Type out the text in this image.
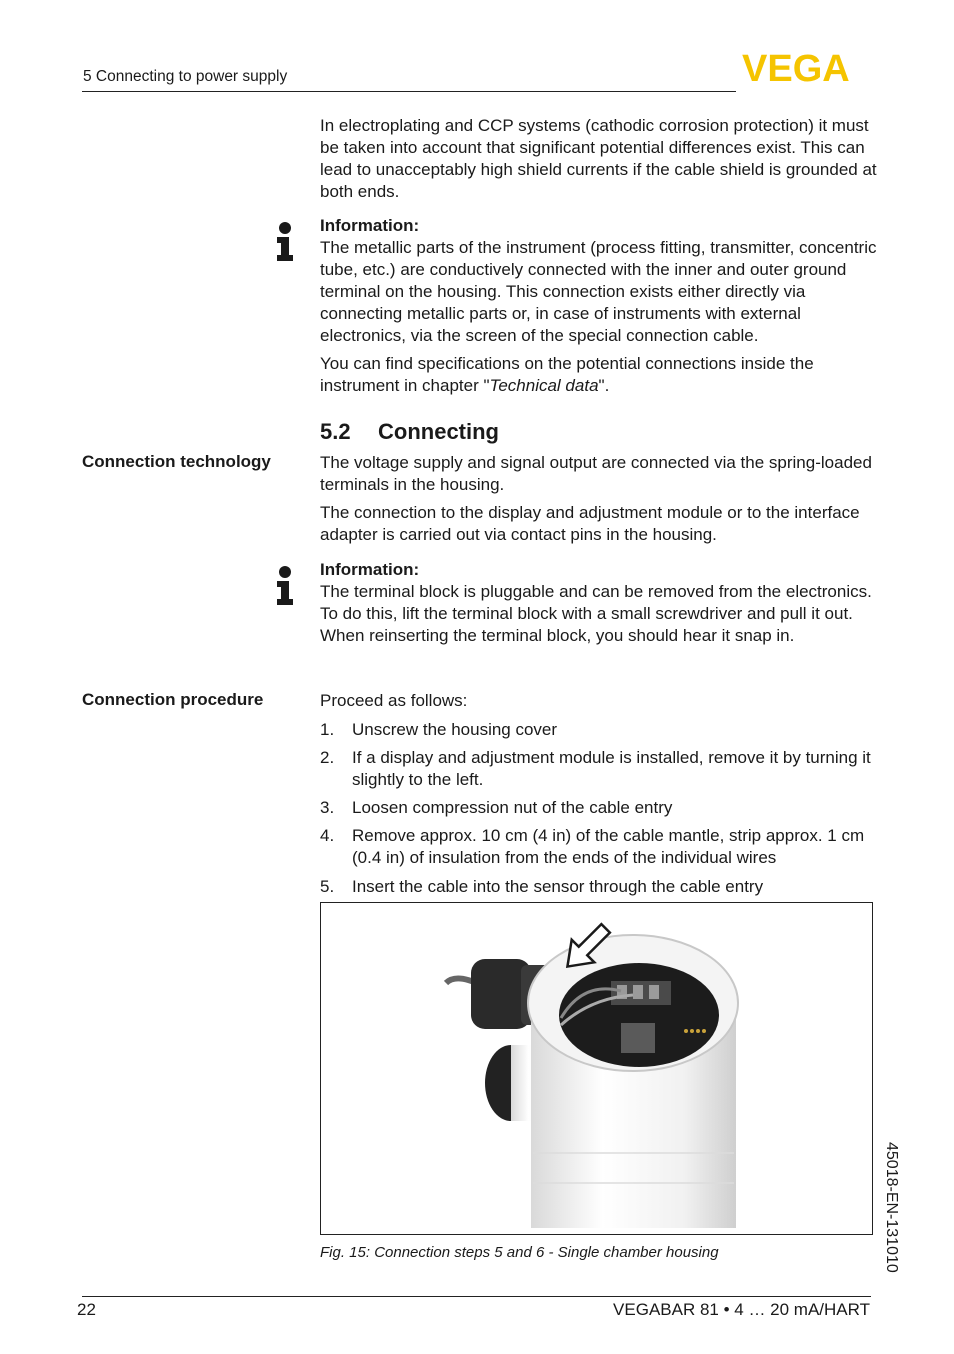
5 Connecting to power supply	VEGA

In electroplating and CCP systems (cathodic corrosion protection) it must be taken into account that significant potential differences exist. This can lead to unacceptably high shield currents if the cable shield is grounded at both ends.

Information:
The metallic parts of the instrument (process fitting, transmitter, concentric tube, etc.) are conductively connected with the inner and outer ground terminal on the housing. This connection exists either directly via connecting metallic parts or, in case of instruments with external electronics, via the screen of the special connection cable.
You can find specifications on the potential connections inside the instrument in chapter "Technical data".
5.2 Connecting
Connection technology	The voltage supply and signal output are connected via the spring-loaded terminals in the housing.

The connection to the display and adjustment module or to the interface adapter is carried out via contact pins in the housing.

Information:
The terminal block is pluggable and can be removed from the electronics. To do this, lift the terminal block with a small screwdriver and pull it out. When reinserting the terminal block, you should hear it snap in.
Connection procedure	Proceed as follows:

1. Unscrew the housing cover
2. If a display and adjustment module is installed, remove it by turning it slightly to the left.
3. Loosen compression nut of the cable entry
4. Remove approx. 10 cm (4 in) of the cable mantle, strip approx. 1 cm (0.4 in) of insulation from the ends of the individual wires
5. Insert the cable into the sensor through the cable entry
Fig. 15: Connection steps 5 and 6 - Single chamber housing	45018-EN-131010
22	VEGABAR 81 • 4 … 20 mA/HART
